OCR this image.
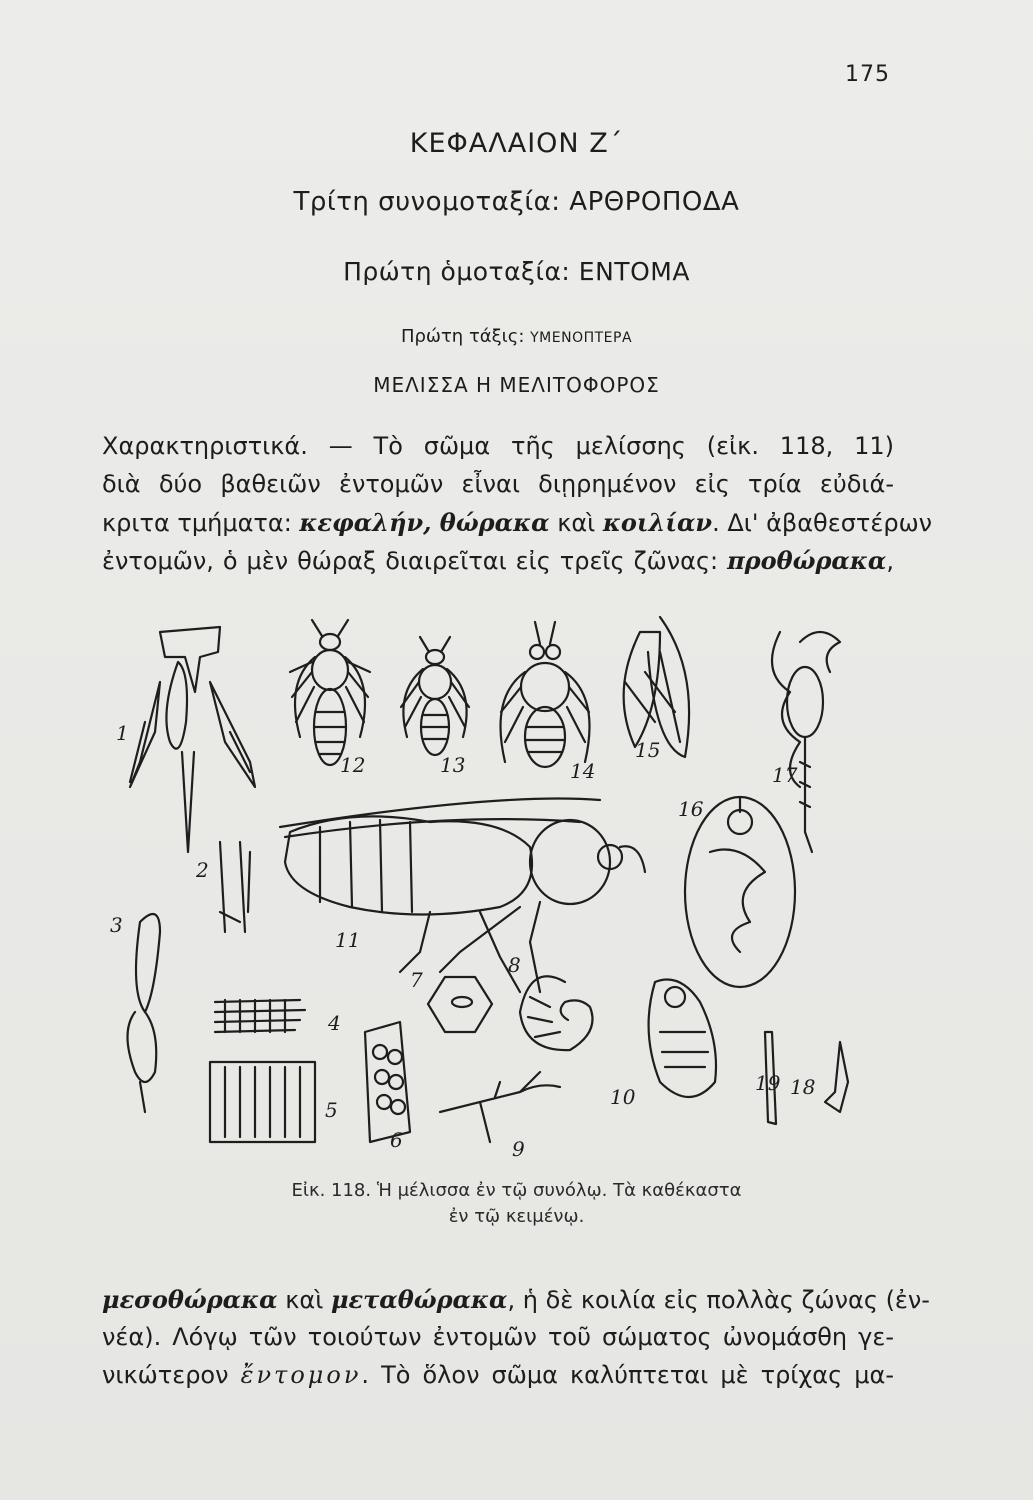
175
ΚΕΦΑΛΑΙΟΝ Ζ΄
Τρίτη συνομοταξία: ΑΡΘΡΟΠΟΔΑ
Πρώτη ὁμοταξία: ΕΝΤΟΜΑ
Πρώτη τάξις: ΥΜΕΝΟΠΤΕΡΑ
ΜΕΛΙΣΣΑ Η ΜΕΛΙΤΟΦΟΡΟΣ
Χαρακτηριστικά. — Τὸ σῶμα τῆς μελίσσης (εἰκ. 118, 11)
διὰ δύο βαθειῶν ἐντομῶν εἶναι διῃρημένον εἰς τρία εὐδιά-
κριτα τμήματα: κεφαλήν, θώρακα καὶ κοιλίαν. Δι' ἀβαθεστέρων
ἐντομῶν, ὁ μὲν θώραξ διαιρεῖται εἰς τρεῖς ζῶνας: προθώρακα,
1
2
3
4
5
6
7
8
9
10
11
12	13	14
15
16
17
18
19
Εἰκ. 118. Ἡ μέλισσα ἐν τῷ συνόλῳ. Τὰ καθέκαστα
ἐν τῷ κειμένῳ.
μεσοθώρακα καὶ μεταθώρακα, ἡ δὲ κοιλία εἰς πολλὰς ζώνας (ἐν-
νέα). Λόγῳ τῶν τοιούτων ἐντομῶν τοῦ σώματος ὠνομάσθη γε-
νικώτερον ἔντομον. Τὸ ὅλον σῶμα καλύπτεται μὲ τρίχας μα-
